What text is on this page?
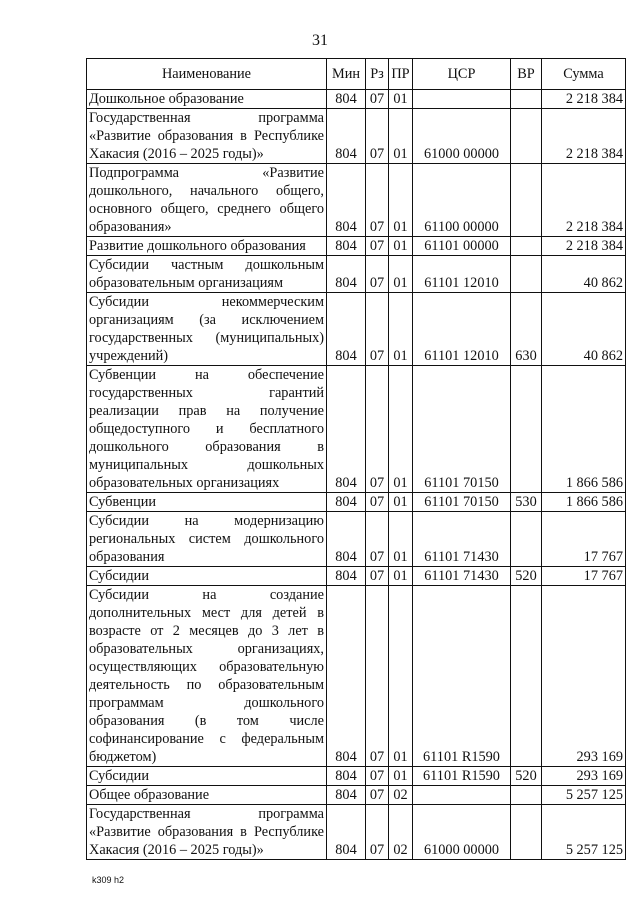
31
Наименование	Мин	Рз	ПР	ЦСР	ВР	Сумма
Дошкольное образование	804	07	01			2 218 384
Государственная программа «Развитие образования в Республике Хакасия (2016 – 2025 годы)»	804	07	01	61000 00000		2 218 384
Подпрограмма «Развитие дошкольного, начального общего, основного общего, среднего общего образования»	804	07	01	61100 00000		2 218 384
Развитие дошкольного образования	804	07	01	61101 00000		2 218 384
Субсидии частным дошкольным образовательным организациям	804	07	01	61101 12010		40 862
Субсидии некоммерческим организациям (за исключением государственных (муниципальных) учреждений)	804	07	01	61101 12010	630	40 862
Субвенции на обеспечение государственных гарантий реализации прав на получение общедоступного и бесплатного дошкольного образования в муниципальных дошкольных образовательных организациях	804	07	01	61101 70150		1 866 586
Субвенции	804	07	01	61101 70150	530	1 866 586
Субсидии на модернизацию региональных систем дошкольного образования	804	07	01	61101 71430		17 767
Субсидии	804	07	01	61101 71430	520	17 767
Субсидии на создание дополнительных мест для детей в возрасте от 2 месяцев до 3 лет в образовательных организациях, осуществляющих образовательную деятельность по образовательным программам дошкольного образования (в том числе софинансирование с федеральным бюджетом)	804	07	01	61101 R1590		293 169
Субсидии	804	07	01	61101 R1590	520	293 169
Общее образование	804	07	02			5 257 125
Государственная программа «Развитие образования в Республике Хакасия (2016 – 2025 годы)»	804	07	02	61000 00000		5 257 125
k309 h2
